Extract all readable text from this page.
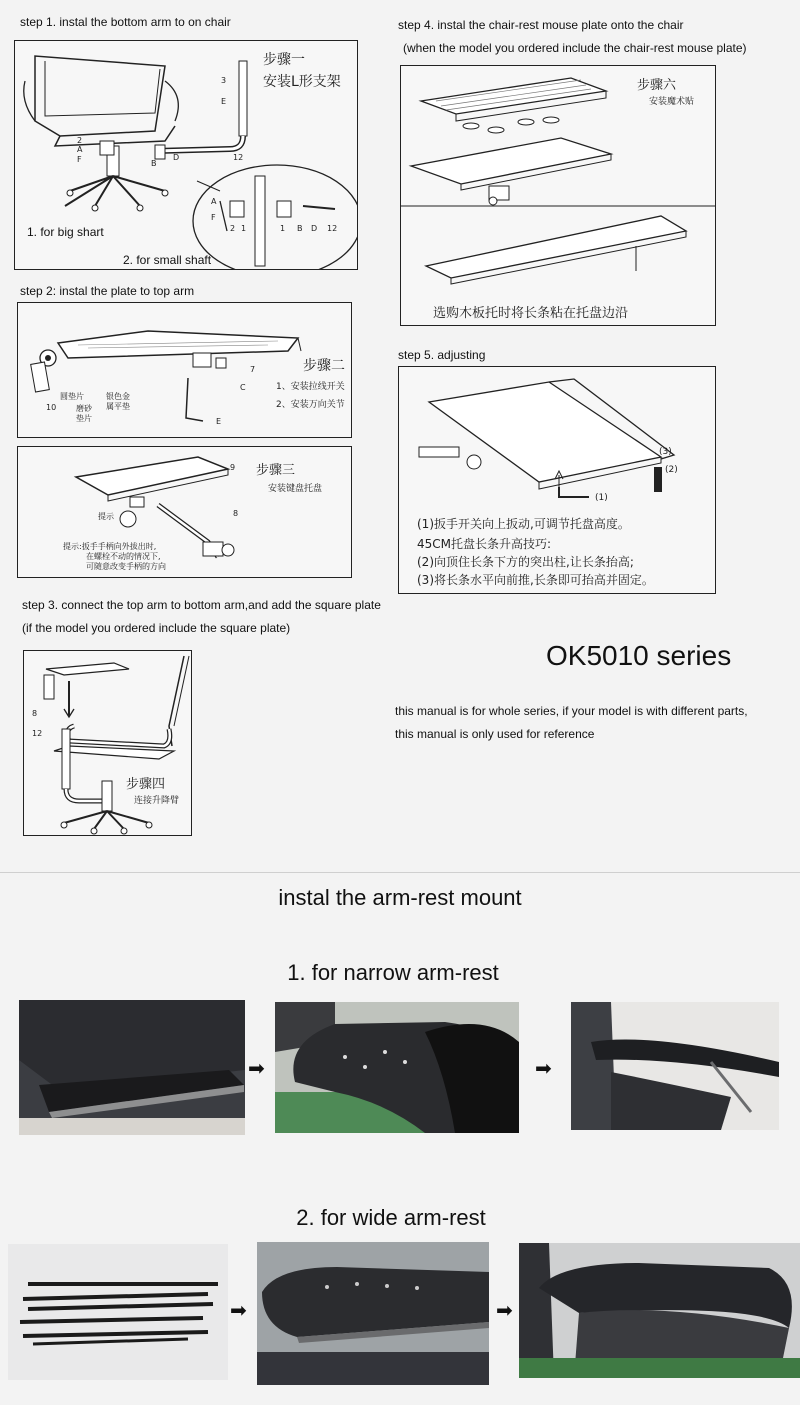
step 1. instal the bottom arm to on chair
步骤一
安装L形支架
3
E
2
A
F	B
D	12
A
F
2 1	1 B D 12
1. for big shart
2. for small shaft
step 2: instal the plate to top arm
步骤二
1、安装拉线开关
2、安装万向关节
7
C
E
10
圆垫片
磨砂
垫片
银色金
属平垫
步骤三
安装键盘托盘
9
8
提示
提示:扳手手柄向外拔出时,
在螺栓不动的情况下,
可随意改变手柄的方向
step 3. connect the top arm to bottom arm,and add the square plate
(if the model you ordered include the square plate)
步骤四
连接升降臂
8
12
step 4. instal the chair-rest mouse plate onto the chair
(when the model you ordered include the chair-rest mouse plate)
步骤六
安装魔术贴
选购木板托时将长条粘在托盘边沿
step 5. adjusting
(3)
(2)
(1)
(1)扳手开关向上扳动,可调节托盘高度。
45CM托盘长条升高技巧:
(2)向顶住长条下方的突出柱,让长条抬高;
(3)将长条水平向前推,长条即可抬高并固定。
OK5010 series
this manual is for whole series, if your model is with different parts,
this manual is only used for reference
instal the arm-rest mount
1. for narrow arm-rest
➡	➡
2. for wide arm-rest
➡	➡
